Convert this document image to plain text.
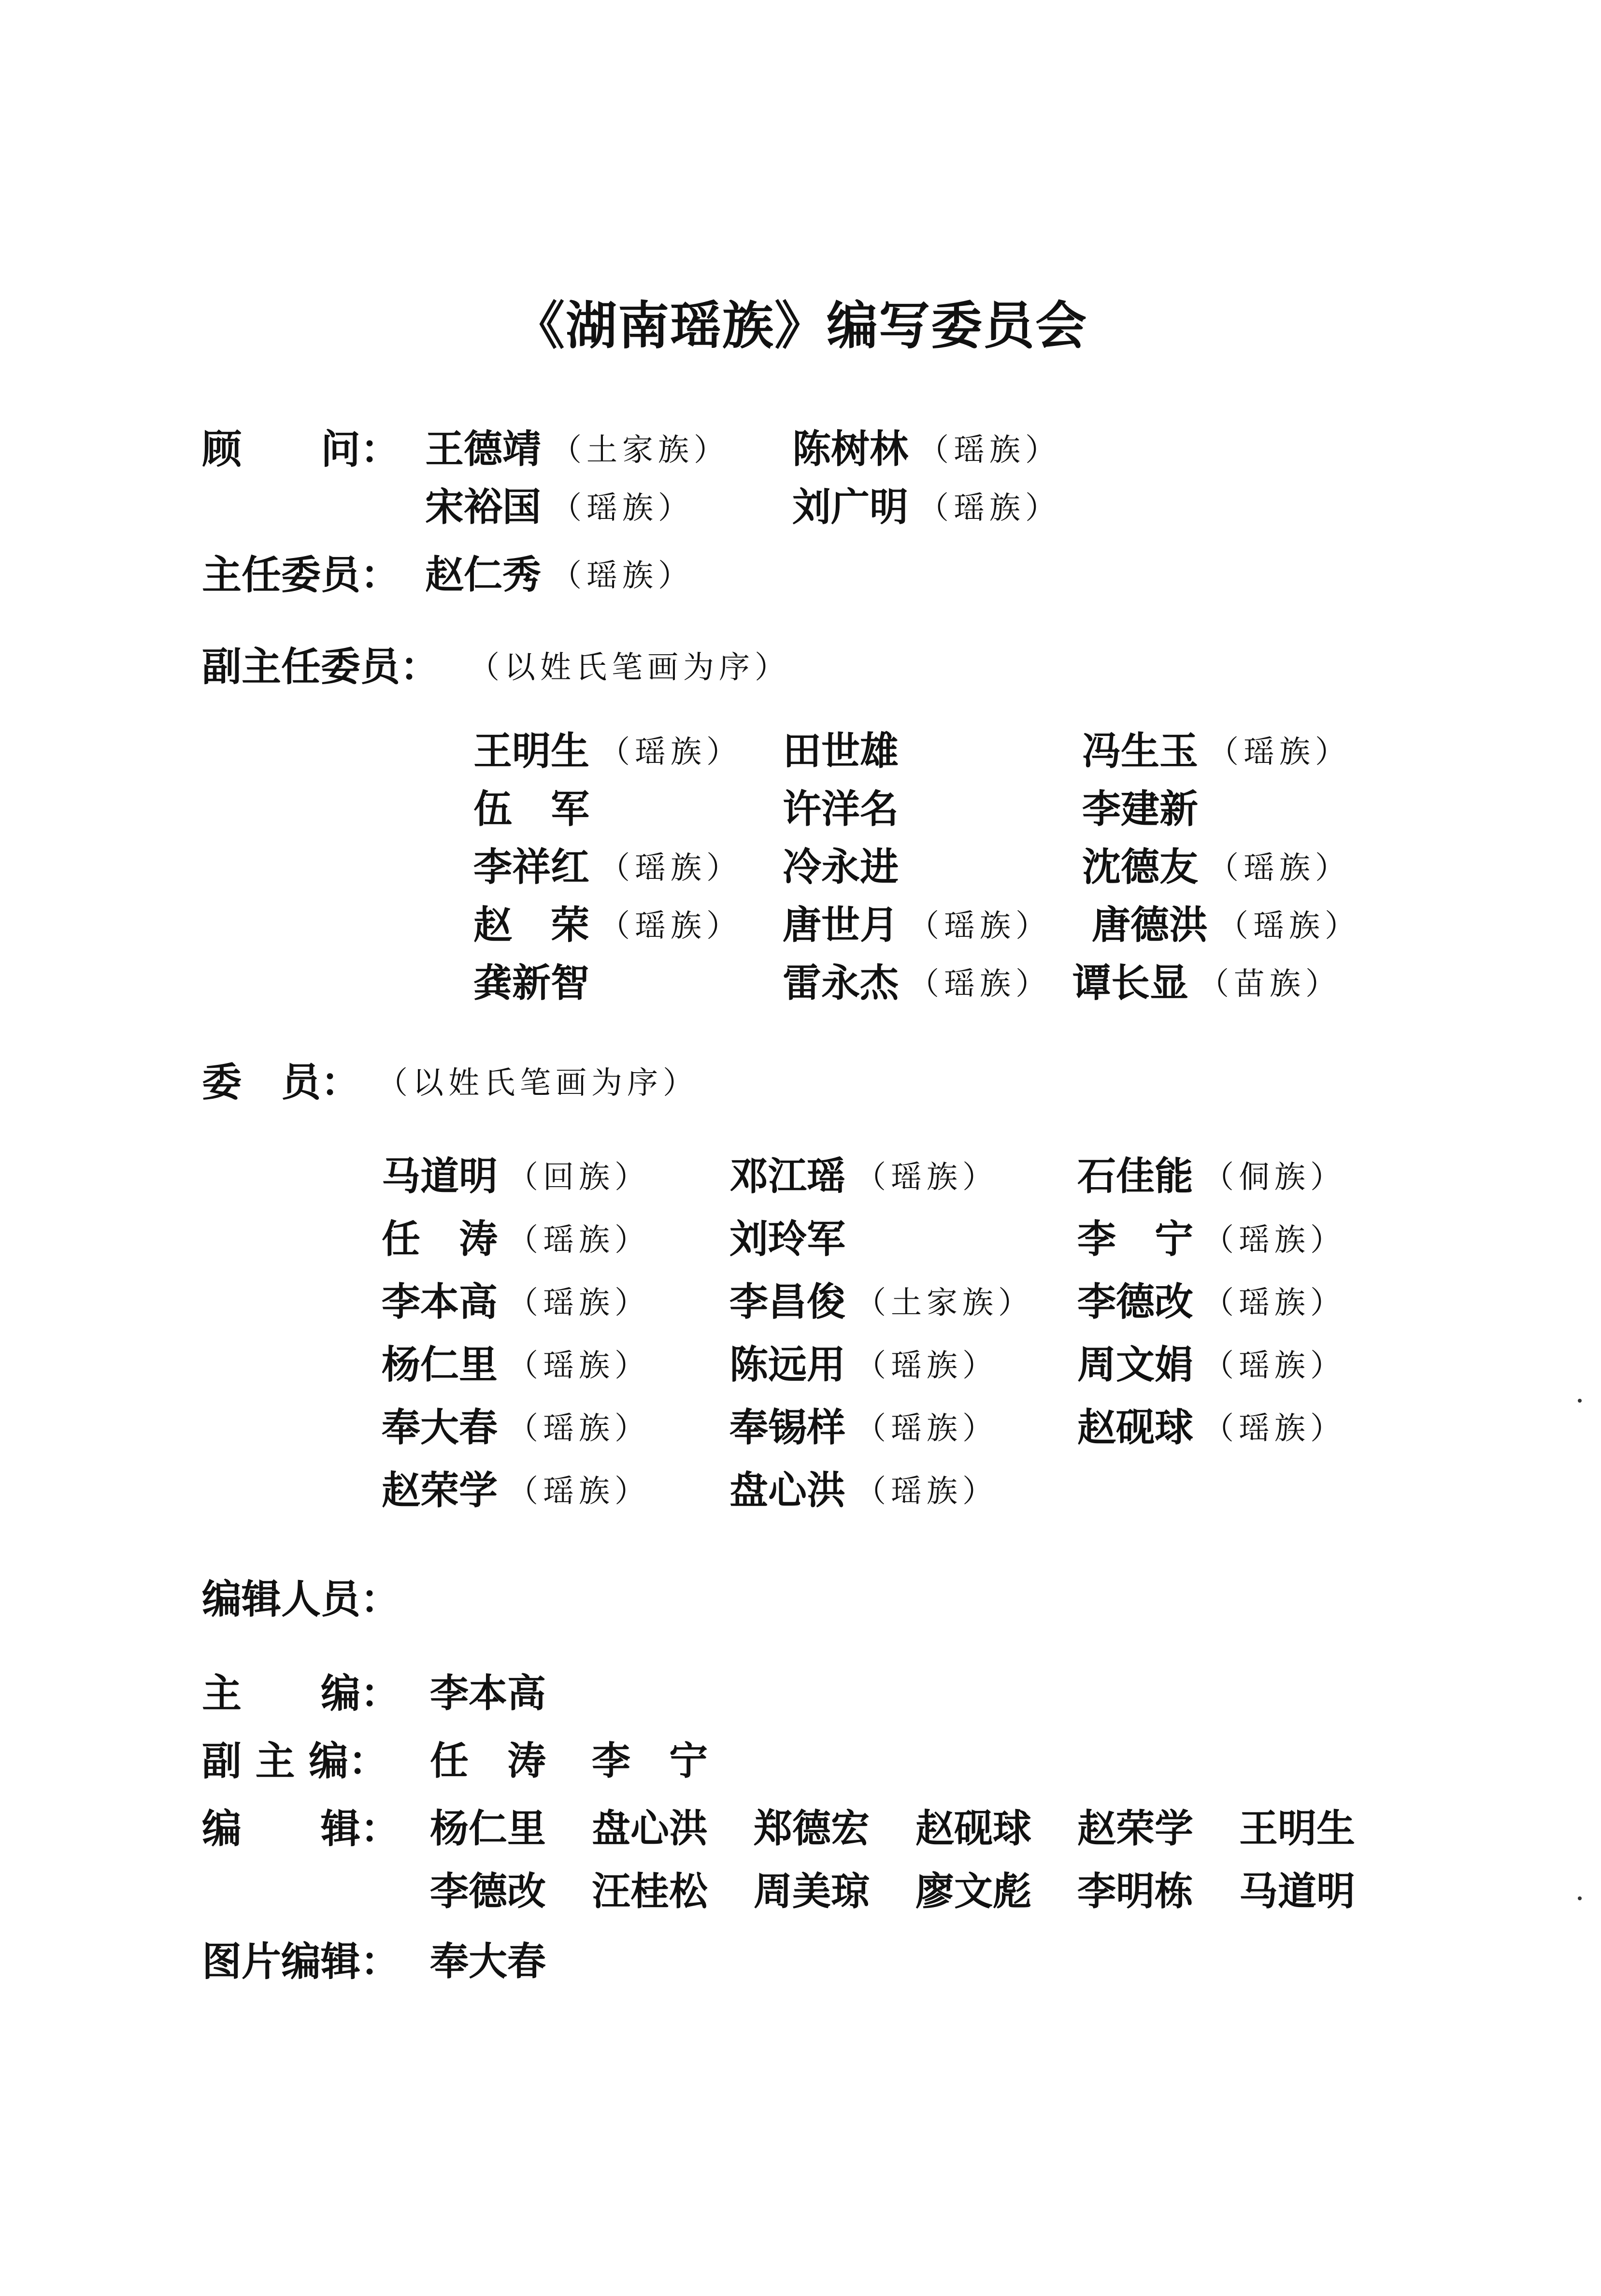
《湖南瑶族》编写委员会
顾　　问： 王德靖 （土家族） 陈树林 （瑶族）
宋裕国 （瑶族）	刘广明 （瑶族）
主任委员： 赵仁秀 （瑶族）
副主任委员： （以姓氏笔画为序）
王明生 （瑶族） 田世雄	冯生玉 （瑶族）
伍　军	许洋名	李建新
李祥红 （瑶族） 冷永进	沈德友 （瑶族）
赵　荣 （瑶族） 唐世月 （瑶族） 唐德洪 （瑶族）
龚新智	雷永杰 （瑶族） 谭长显 （苗族）
委　员： （以姓氏笔画为序）
马道明 （回族） 邓江瑶 （瑶族） 石佳能 （侗族）
任　涛 （瑶族） 刘玲军	李　宁 （瑶族）
李本高 （瑶族） 李昌俊 （土家族） 李德改 （瑶族）
杨仁里 （瑶族） 陈远用 （瑶族） 周文娟 （瑶族）
奉大春 （瑶族） 奉锡样 （瑶族） 赵砚球 （瑶族）
赵荣学 （瑶族） 盘心洪 （瑶族）
编辑人员：
主　　编： 李本高
副 主 编： 任　涛 李　宁
编　　辑： 杨仁里 盘心洪 郑德宏 赵砚球 赵荣学 王明生
李德改 汪桂松 周美琼 廖文彪 李明栋 马道明
图片编辑： 奉大春
